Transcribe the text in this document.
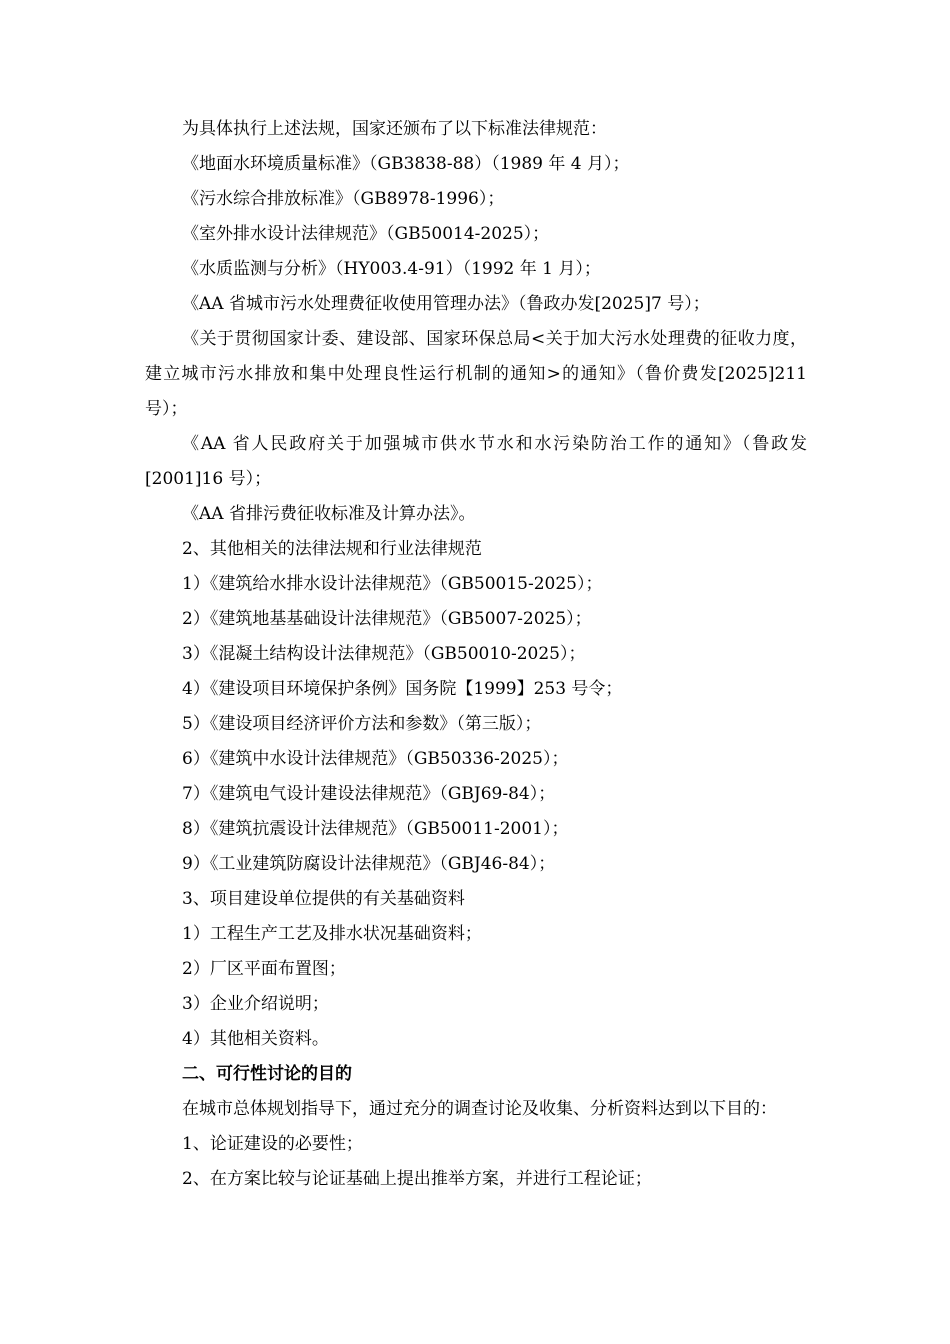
为具体执行上述法规，国家还颁布了以下标准法律规范：

《地面水环境质量标准》（GB3838-88）（1989 年 4 月）；

《污水综合排放标准》（GB8978-1996）；

《室外排水设计法律规范》（GB50014-2025）；

《水质监测与分析》（HY003.4-91）（1992 年 1 月）；

《AA 省城市污水处理费征收使用管理办法》（鲁政办发[2025]7 号）；

《关于贯彻国家计委、建设部、国家环保总局<关于加大污水处理费的征收力度，建立城市污水排放和集中处理良性运行机制的通知>的通知》（鲁价费发[2025]211 号）；

《AA 省人民政府关于加强城市供水节水和水污染防治工作的通知》（鲁政发[2001]16 号）；

《AA 省排污费征收标准及计算办法》。

2、其他相关的法律法规和行业法律规范

1）《建筑给水排水设计法律规范》（GB50015-2025）；

2）《建筑地基基础设计法律规范》（GB5007-2025）；

3）《混凝土结构设计法律规范》（GB50010-2025）；

4）《建设项目环境保护条例》国务院【1999】253 号令；

5）《建设项目经济评价方法和参数》（第三版）；

6）《建筑中水设计法律规范》（GB50336-2025）；

7）《建筑电气设计建设法律规范》（GBJ69-84）；

8）《建筑抗震设计法律规范》（GB50011-2001）；

9）《工业建筑防腐设计法律规范》（GBJ46-84）；

3、项目建设单位提供的有关基础资料

1）工程生产工艺及排水状况基础资料；

2）厂区平面布置图；

3）企业介绍说明；

4）其他相关资料。

二、可行性讨论的目的

在城市总体规划指导下，通过充分的调查讨论及收集、分析资料达到以下目的：

1、论证建设的必要性；

2、在方案比较与论证基础上提出推举方案，并进行工程论证；
